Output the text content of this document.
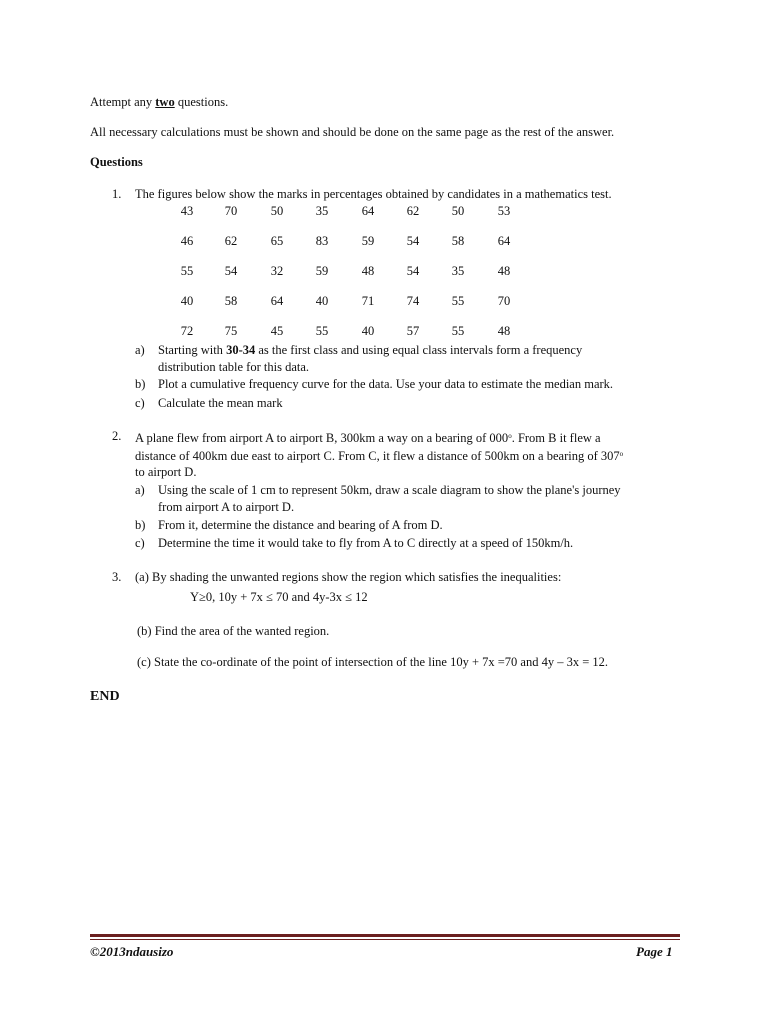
Attempt any two questions.
All necessary calculations must be shown and should be done on the same page as the rest of the answer.
Questions
1. The figures below show the marks in percentages obtained by candidates in a mathematics test.
43	70	50	35	64	62	50	53
46	62	65	83	59	54	58	64
55	54	32	59	48	54	35	48
40	58	64	40	71	74	55	70
72	75	45	55	40	57	55	48
a) Starting with 30-34 as the first class and using equal class intervals form a frequency
distribution table for this data.
b) Plot a cumulative frequency curve for the data. Use your data to estimate the median mark.
c) Calculate the mean mark
2. A plane flew from airport A to airport B, 300km a way on a bearing of 000$^o$. From B it flew a
distance of 400km due east to airport C. From C, it flew a distance of 500km on a bearing of 307$^o$
to airport D.
a) Using the scale of 1 cm to represent 50km, draw a scale diagram to show the plane's journey
from airport A to airport D.
b) From it, determine the distance and bearing of A from D.
c) Determine the time it would take to fly from A to C directly at a speed of 150km/h.
3. (a) By shading the unwanted regions show the region which satisfies the inequalities:
Y≥0, 10y + 7x ≤ 70 and 4y-3x ≤ 12
(b) Find the area of the wanted region.
(c) State the co-ordinate of the point of intersection of the line 10y + 7x =70 and 4y – 3x = 12.
END
©2013ndausizo	Page 1
